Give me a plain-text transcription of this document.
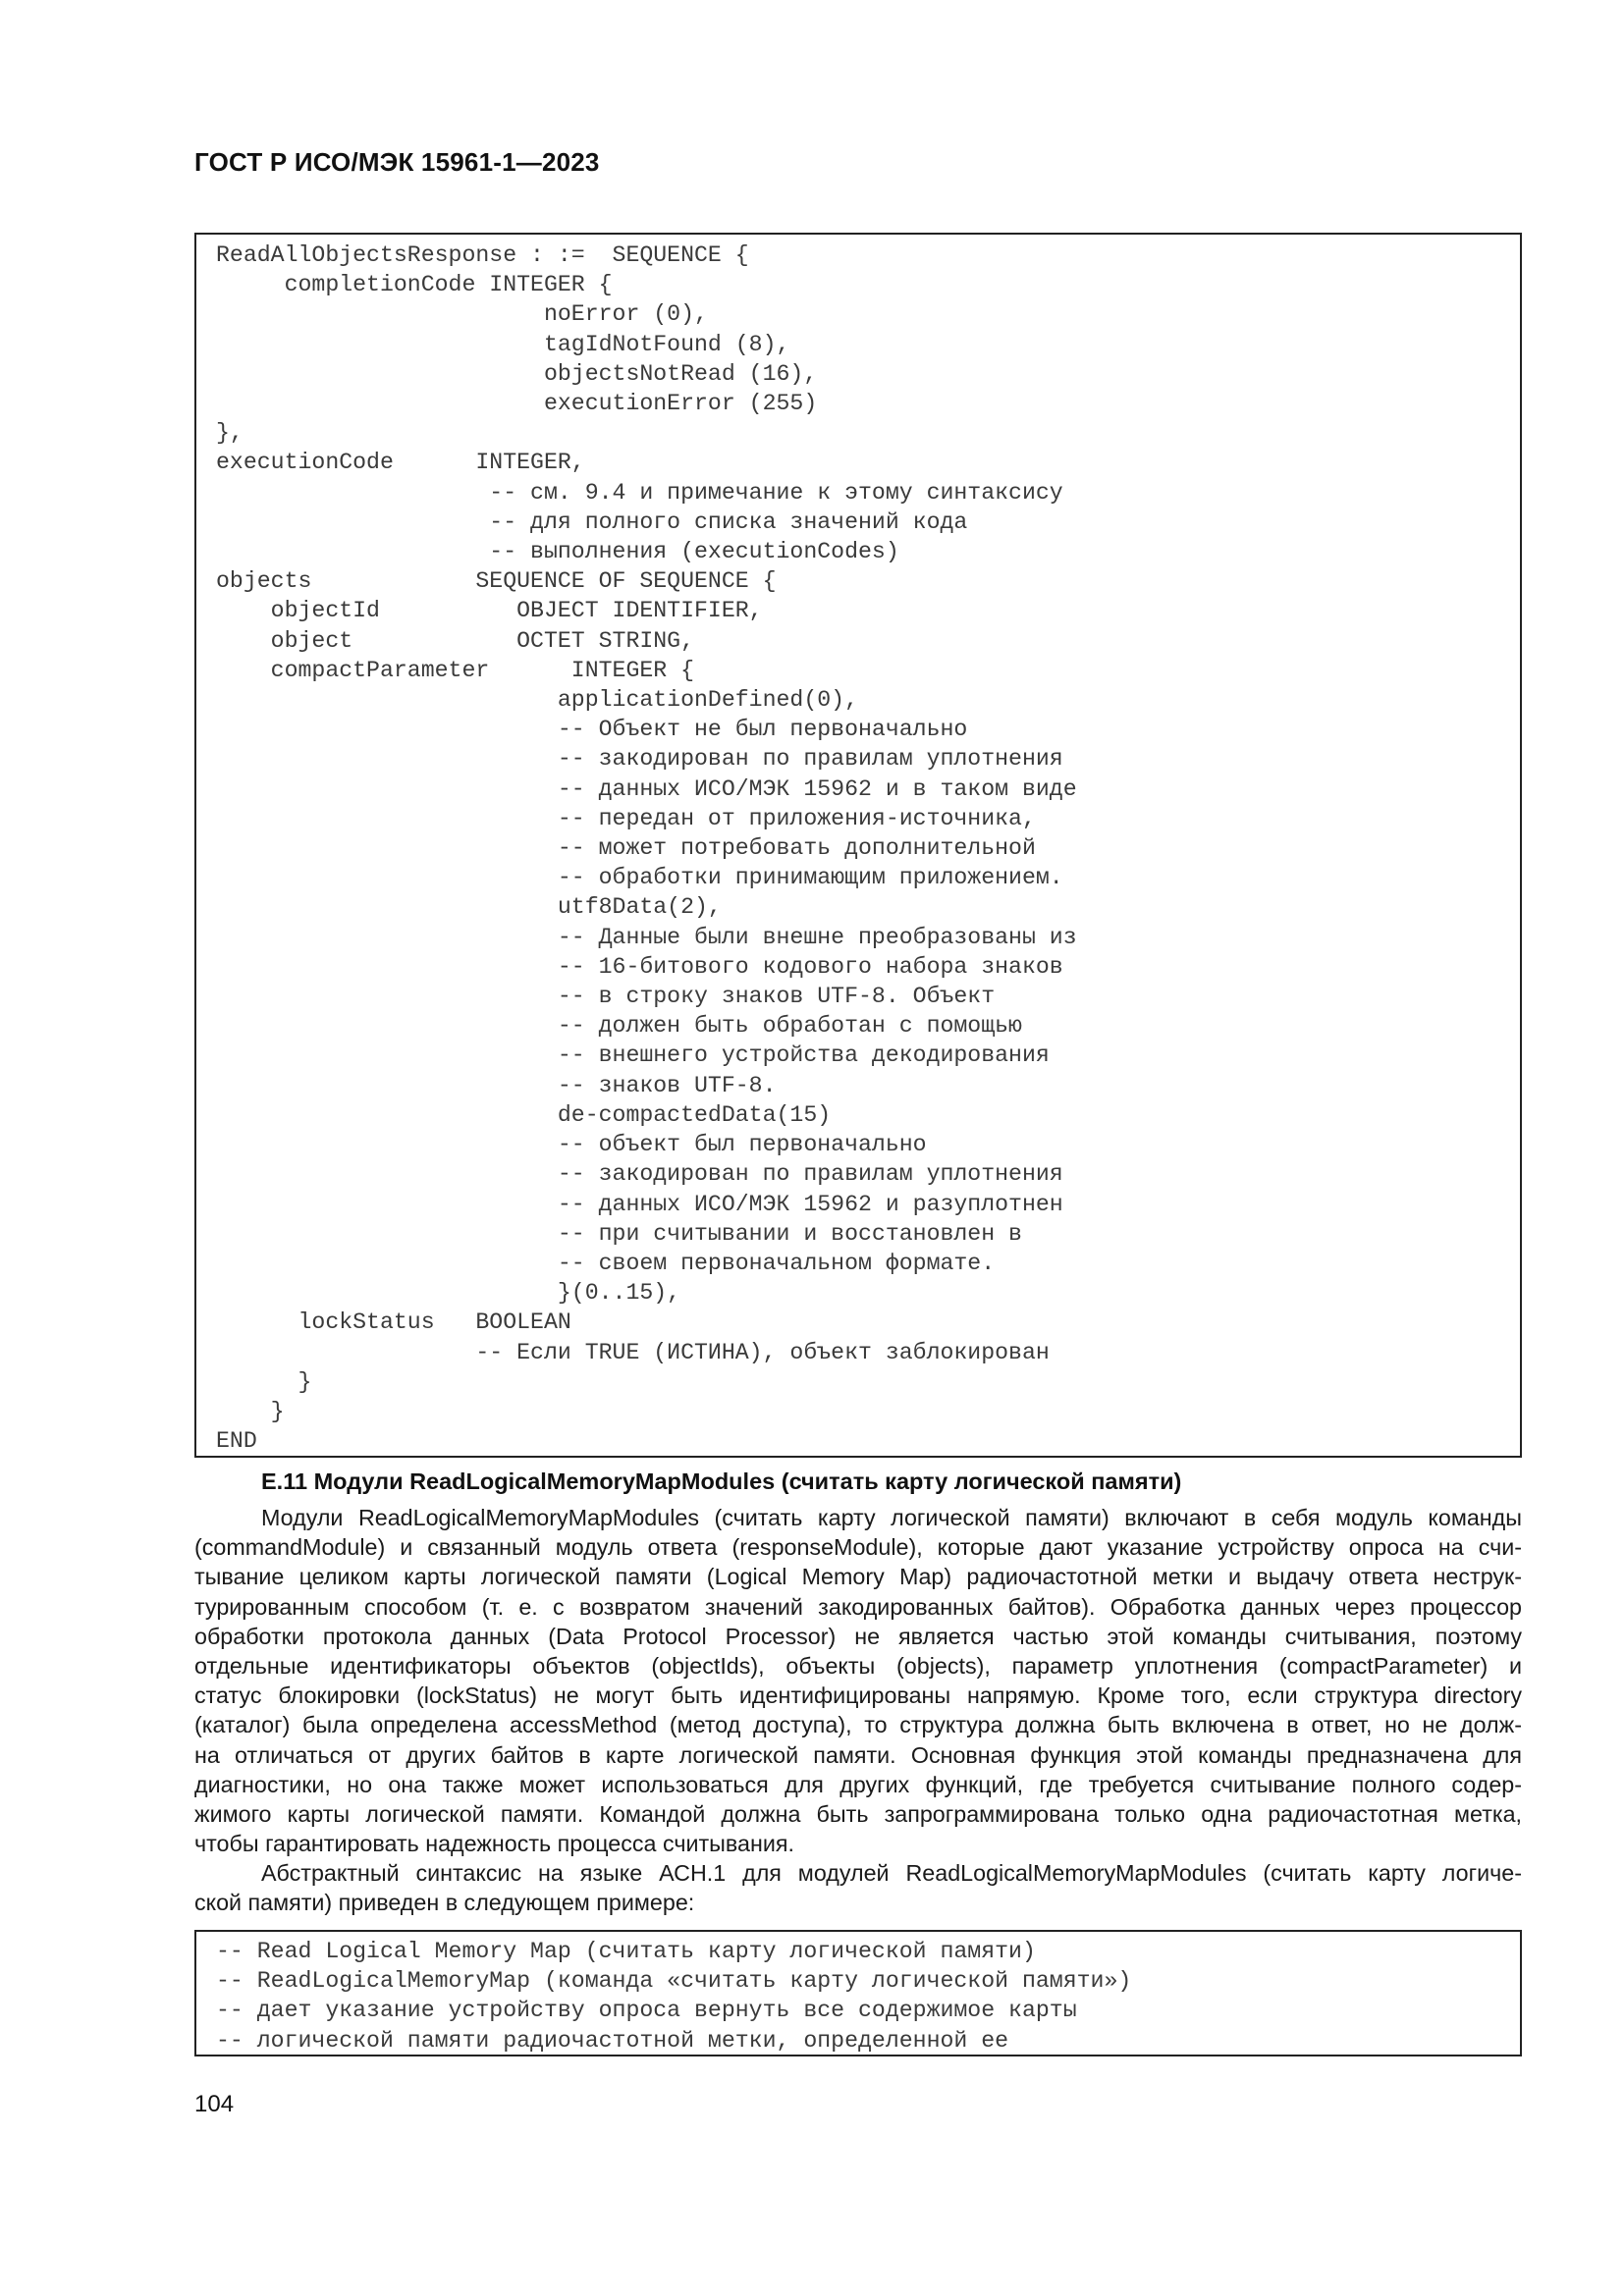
ГОСТ Р ИСО/МЭК 15961-1—2023
ReadAllObjectsResponse : :=  SEQUENCE {
completionCode INTEGER {
noError (0),
tagIdNotFound (8),
objectsNotRead (16),
executionError (255)
},
executionCode      INTEGER,
-- см. 9.4 и примечание к этому синтаксису
-- для полного списка значений кода
-- выполнения (executionCodes)
objects            SEQUENCE OF SEQUENCE {
objectId          OBJECT IDENTIFIER,
object            OCTET STRING,
compactParameter      INTEGER {
applicationDefined(0),
-- Объект не был первоначально
-- закодирован по правилам уплотнения
-- данных ИСО/МЭК 15962 и в таком виде
-- передан от приложения-источника,
-- может потребовать дополнительной
-- обработки принимающим приложением.
utf8Data(2),
-- Данные были внешне преобразованы из
-- 16-битового кодового набора знаков
-- в строку знаков UTF-8. Объект
-- должен быть обработан с помощью
-- внешнего устройства декодирования
-- знаков UTF-8.
de-compactedData(15)
-- объект был первоначально
-- закодирован по правилам уплотнения
-- данных ИСО/МЭК 15962 и разуплотнен
-- при считывании и восстановлен в
-- своем первоначальном формате.
}(0..15),
lockStatus   BOOLEAN
-- Если TRUE (ИСТИНА), объект заблокирован
}
}
END
E.11 Модули ReadLogicalMemoryMapModules (считать карту логической памяти)
Модули ReadLogicalMemoryMapModules (считать карту логической памяти) включают в себя модуль команды
(commandModule) и связанный модуль ответа (responseModule), которые дают указание устройству опроса на счи-
тывание целиком карты логической памяти (Logical Memory Map) радиочастотной метки и выдачу ответа неструк-
турированным способом (т. е. с возвратом значений закодированных байтов). Обработка данных через процессор
обработки протокола данных (Data Protocol Processor) не является частью этой команды считывания, поэтому
отдельные идентификаторы объектов (objectIds), объекты (objects), параметр уплотнения (compactParameter) и
статус блокировки (lockStatus) не могут быть идентифицированы напрямую. Кроме того, если структура directory
(каталог) была определена accessMethod (метод доступа), то структура должна быть включена в ответ, но не долж-
на отличаться от других байтов в карте логической памяти. Основная функция этой команды предназначена для
диагностики, но она также может использоваться для других функций, где требуется считывание полного содер-
жимого карты логической памяти. Командой должна быть запрограммирована только одна радиочастотная метка,
чтобы гарантировать надежность процесса считывания.
Абстрактный синтаксис на языке АСН.1 для модулей ReadLogicalMemoryMapModules (считать карту логиче-
ской памяти) приведен в следующем примере:
-- Read Logical Memory Map (считать карту логической памяти)
-- ReadLogicalMemoryMap (команда «считать карту логической памяти»)
-- дает указание устройству опроса вернуть все содержимое карты
-- логической памяти радиочастотной метки, определенной ее
104
